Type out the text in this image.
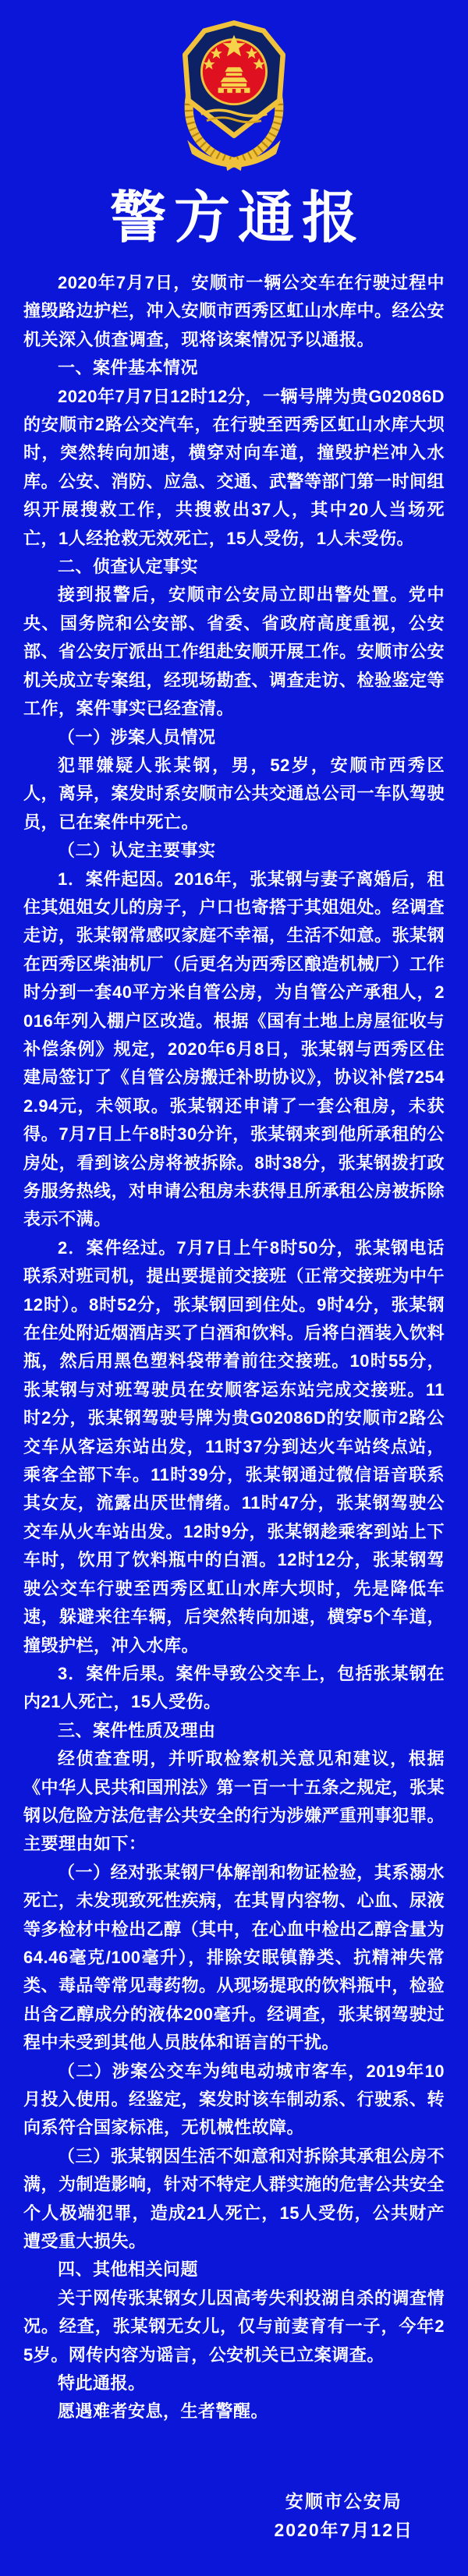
警方通报

2020年7月7日，安顺市一辆公交车在行驶过程中撞毁路边护栏，冲入安顺市西秀区虹山水库中。经公安机关深入侦查调查，现将该案情况予以通报。

一、案件基本情况

2020年7月7日12时12分，一辆号牌为贵G02086D的安顺市2路公交汽车，在行驶至西秀区虹山水库大坝时，突然转向加速，横穿对向车道，撞毁护栏冲入水库。公安、消防、应急、交通、武警等部门第一时间组织开展搜救工作，共搜救出37人，其中20人当场死亡，1人经抢救无效死亡，15人受伤，1人未受伤。

二、侦查认定事实

接到报警后，安顺市公安局立即出警处置。党中央、国务院和公安部、省委、省政府高度重视，公安部、省公安厅派出工作组赴安顺开展工作。安顺市公安机关成立专案组，经现场勘查、调查走访、检验鉴定等工作，案件事实已经查清。

（一）涉案人员情况

犯罪嫌疑人张某钢，男，52岁，安顺市西秀区人，离异，案发时系安顺市公共交通总公司一车队驾驶员，已在案件中死亡。

（二）认定主要事实

1．案件起因。2016年，张某钢与妻子离婚后，租住其姐姐女儿的房子，户口也寄搭于其姐姐处。经调查走访，张某钢常感叹家庭不幸福，生活不如意。张某钢在西秀区柴油机厂（后更名为西秀区酿造机械厂）工作时分到一套40平方米自管公房，为自管公产承租人，2016年列入棚户区改造。根据《国有土地上房屋征收与补偿条例》规定，2020年6月8日，张某钢与西秀区住建局签订了《自管公房搬迁补助协议》，协议补偿72542.94元，未领取。张某钢还申请了一套公租房，未获得。7月7日上午8时30分许，张某钢来到他所承租的公房处，看到该公房将被拆除。8时38分，张某钢拨打政务服务热线，对申请公租房未获得且所承租公房被拆除表示不满。

2．案件经过。7月7日上午8时50分，张某钢电话联系对班司机，提出要提前交接班（正常交接班为中午12时）。8时52分，张某钢回到住处。9时4分，张某钢在住处附近烟酒店买了白酒和饮料。后将白酒装入饮料瓶，然后用黑色塑料袋带着前往交接班。10时55分，张某钢与对班驾驶员在安顺客运东站完成交接班。11时2分，张某钢驾驶号牌为贵G02086D的安顺市2路公交车从客运东站出发，11时37分到达火车站终点站，乘客全部下车。11时39分，张某钢通过微信语音联系其女友，流露出厌世情绪。11时47分，张某钢驾驶公交车从火车站出发。12时9分，张某钢趁乘客到站上下车时，饮用了饮料瓶中的白酒。12时12分，张某钢驾驶公交车行驶至西秀区虹山水库大坝时，先是降低车速，躲避来往车辆，后突然转向加速，横穿5个车道，撞毁护栏，冲入水库。

3．案件后果。案件导致公交车上，包括张某钢在内21人死亡，15人受伤。

三、案件性质及理由

经侦查查明，并听取检察机关意见和建议，根据《中华人民共和国刑法》第一百一十五条之规定，张某钢以危险方法危害公共安全的行为涉嫌严重刑事犯罪。主要理由如下：

（一）经对张某钢尸体解剖和物证检验，其系溺水死亡，未发现致死性疾病，在其胃内容物、心血、尿液等多检材中检出乙醇（其中，在心血中检出乙醇含量为64.46毫克/100毫升），排除安眠镇静类、抗精神失常类、毒品等常见毒药物。从现场提取的饮料瓶中，检验出含乙醇成分的液体200毫升。经调查，张某钢驾驶过程中未受到其他人员肢体和语言的干扰。

（二）涉案公交车为纯电动城市客车，2019年10月投入使用。经鉴定，案发时该车制动系、行驶系、转向系符合国家标准，无机械性故障。

（三）张某钢因生活不如意和对拆除其承租公房不满，为制造影响，针对不特定人群实施的危害公共安全个人极端犯罪，造成21人死亡，15人受伤，公共财产遭受重大损失。

四、其他相关问题

关于网传张某钢女儿因高考失利投湖自杀的调查情况。经查，张某钢无女儿，仅与前妻育有一子，今年25岁。网传内容为谣言，公安机关已立案调查。

特此通报。

愿遇难者安息，生者警醒。

安顺市公安局
2020年7月12日
